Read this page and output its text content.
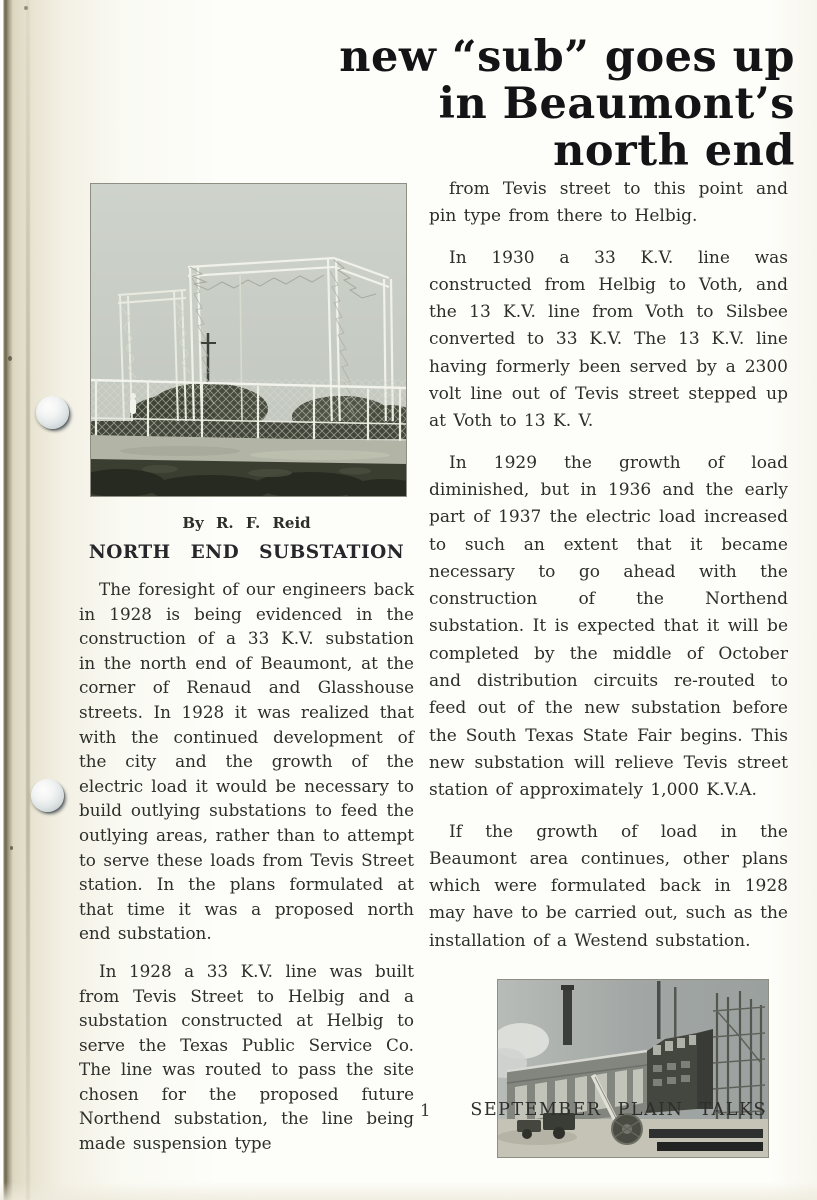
new “sub” goes up

in Beaumont’s

north end

By R. F. Reid
NORTH END SUBSTATION

The foresight of our engineers back in 1928 is being evidenced in the construction of a 33 K.V. substation in the north end of Beaumont, at the corner of Renaud and Glasshouse streets. In 1928 it was realized that with the continued development of the city and the growth of the electric load it would be necessary to build outlying substations to feed the outlying areas, rather than to attempt to serve these loads from Tevis Street station. In the plans formulated at that time it was a proposed north end substation.

In 1928 a 33 K.V. line was built from Tevis Street to Helbig and a substation constructed at Helbig to serve the Texas Public Service Co. The line was routed to pass the site chosen for the proposed future Northend substation, the line being made suspension type

from Tevis street to this point and pin type from there to Helbig.

In 1930 a 33 K.V. line was constructed from Helbig to Voth, and the 13 K.V. line from Voth to Silsbee converted to 33 K.V. The 13 K.V. line having formerly been served by a 2300 volt line out of Tevis street stepped up at Voth to 13 K. V.

In 1929 the growth of load diminished, but in 1936 and the early part of 1937 the electric load increased to such an extent that it became necessary to go ahead with the construction of the Northend substation. It is expected that it will be completed by the middle of October and distribution circuits re-routed to feed out of the new substation before the South Texas State Fair begins. This new substation will relieve Tevis street station of approximately 1,000 K.V.A.

If the growth of load in the Beaumont area continues, other plans which were formulated back in 1928 may have to be carried out, such as the installation of a Westend substation.

1 SEPTEMBER PLAIN TALKS
